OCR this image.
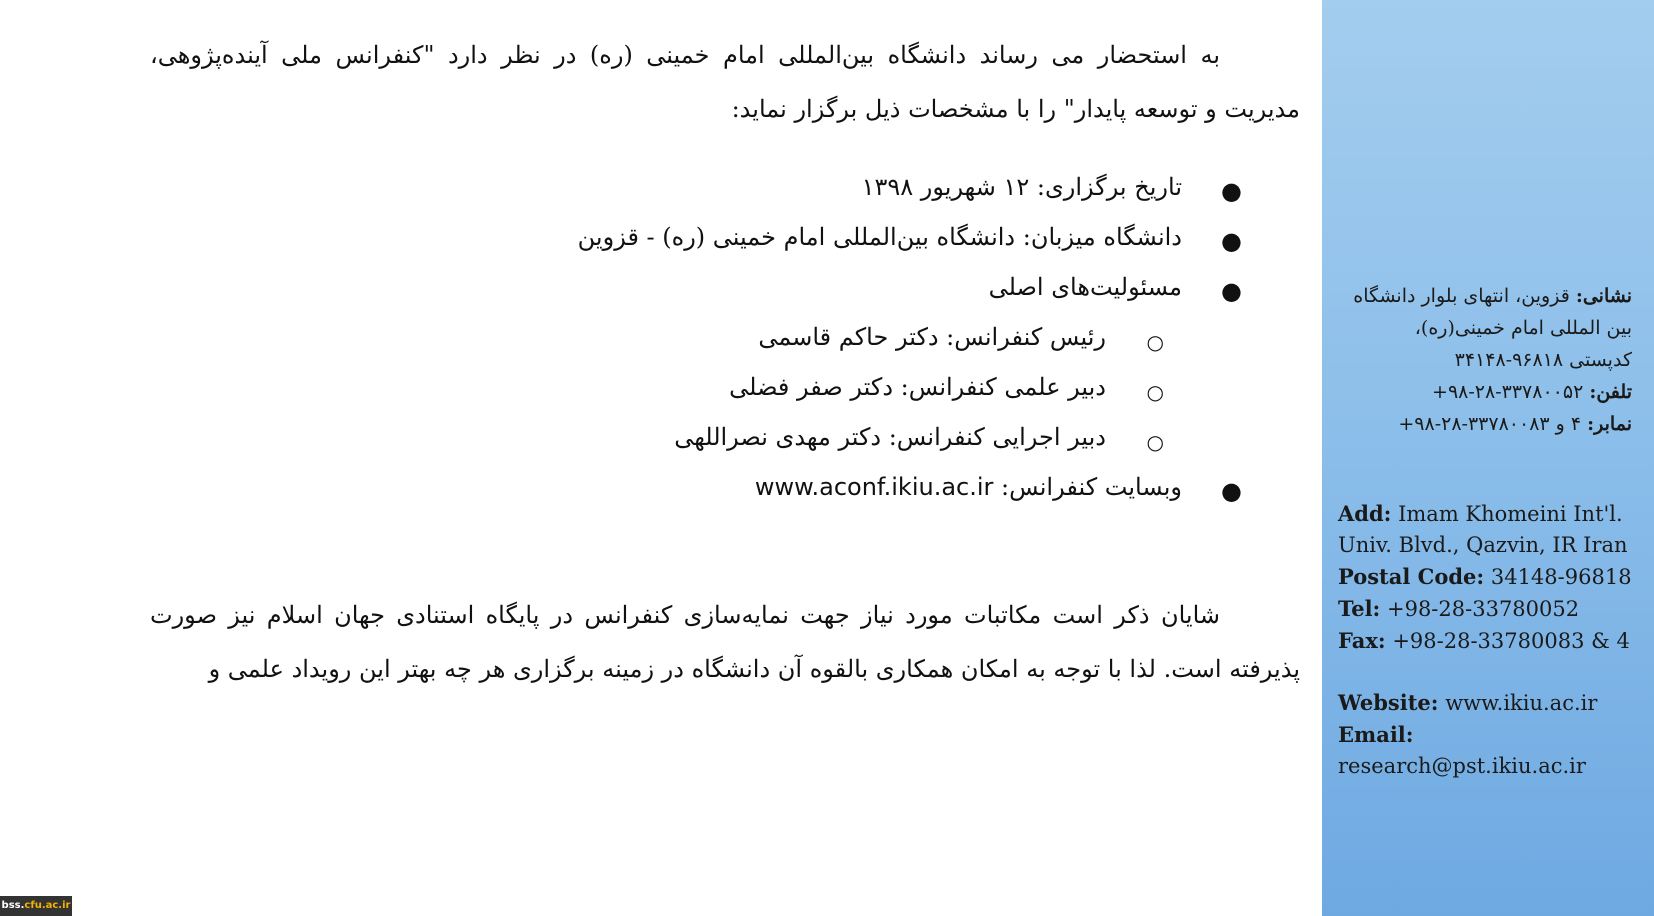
به استحضار می رساند دانشگاه بین‌المللی امام خمینی (ره) در نظر دارد "کنفرانس ملی آینده‌پژوهی، مدیریت و توسعه پایدار" را با مشخصات ذیل برگزار نماید:

●
تاریخ برگزاری: ۱۲ شهریور ۱۳۹۸
●
دانشگاه میزبان: دانشگاه بین‌المللی امام خمینی (ره) - قزوین
●
مسئولیت‌های اصلی
○
رئیس کنفرانس: دکتر حاکم قاسمی
○
دبیر علمی کنفرانس: دکتر صفر فضلی
○
دبیر اجرایی کنفرانس: دکتر مهدی نصراللهی
●
وبسایت کنفرانس: www.aconf.ikiu.ac.ir

شایان ذکر است مکاتبات مورد نیاز جهت نمایه‌سازی کنفرانس در پایگاه استنادی جهان اسلام نیز صورت پذیرفته است. لذا با توجه به امکان همکاری بالقوه آن دانشگاه در زمینه برگزاری هر چه بهتر این رویداد علمی و

نشانی: قزوین، انتهای بلوار دانشگاه بین المللی امام خمینی(ره)،
کدپستی ۹۶۸۱۸-۳۴۱۴۸
تلفن: ۳۳۷۸۰۰۵۲-۲۸-۹۸+
نمابر: ۴ و ۳۳۷۸۰۰۸۳-۲۸-۹۸+
Add: Imam Khomeini Int'l. Univ. Blvd., Qazvin, IR Iran
Postal Code: 34148-96818
Tel: +98-28-33780052
Fax: +98-28-33780083 & 4
Website: www.ikiu.ac.ir
Email: research@pst.ikiu.ac.ir
bss.cfu.ac.ir
